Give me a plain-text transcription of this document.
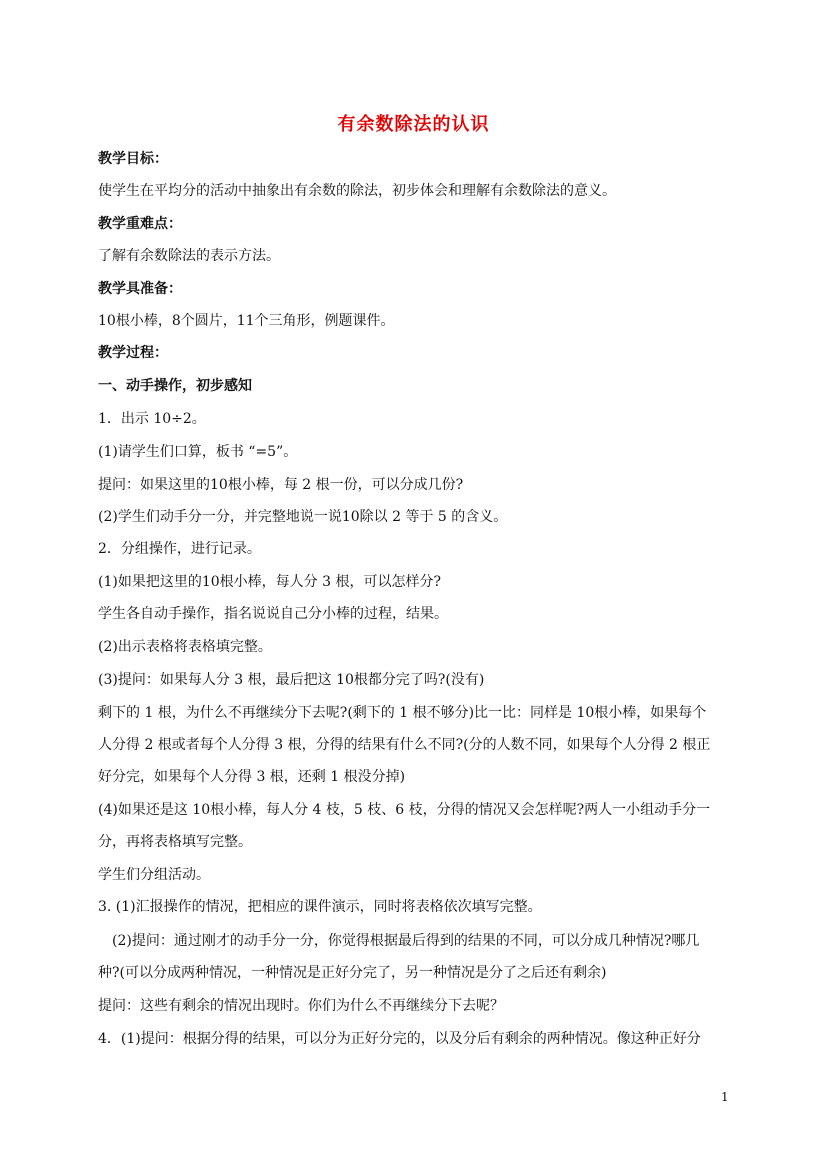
有余数除法的认识
教学目标：
使学生在平均分的活动中抽象出有余数的除法，初步体会和理解有余数除法的意义。
教学重难点：
了解有余数除法的表示方法。
教学具准备：
10根小棒，8个圆片，11个三角形，例题课件。
教学过程：
一、动手操作，初步感知
1．出示 10÷2。
(1)请学生们口算，板书 “=5”。
提问：如果这里的10根小棒，每 2 根一份，可以分成几份?
(2)学生们动手分一分，并完整地说一说10除以 2 等于 5 的含义。
2．分组操作，进行记录。
(1)如果把这里的10根小棒，每人分 3 根，可以怎样分?
学生各自动手操作，指名说说自己分小棒的过程，结果。
(2)出示表格将表格填完整。
(3)提问：如果每人分 3 根，最后把这 10根都分完了吗?(没有)
剩下的 1 根，为什么不再继续分下去呢?(剩下的 1 根不够分)比一比：同样是 10根小棒，如果每个
人分得 2 根或者每个人分得 3 根，分得的结果有什么不同?(分的人数不同，如果每个人分得 2 根正
好分完，如果每个人分得 3 根，还剩 1 根没分掉)
(4)如果还是这 10根小棒，每人分 4 枝，5 枝、6 枝，分得的情况又会怎样呢?两人一小组动手分一
分，再将表格填写完整。
学生们分组活动。
3. (1)汇报操作的情况，把相应的课件演示，同时将表格依次填写完整。
(2)提问：通过刚才的动手分一分，你觉得根据最后得到的结果的不同，可以分成几种情况?哪几
种?(可以分成两种情况，一种情况是正好分完了，另一种情况是分了之后还有剩余)
提问：这些有剩余的情况出现时。你们为什么不再继续分下去呢？
4．(1)提问：根据分得的结果，可以分为正好分完的，以及分后有剩余的两种情况。像这种正好分
1
